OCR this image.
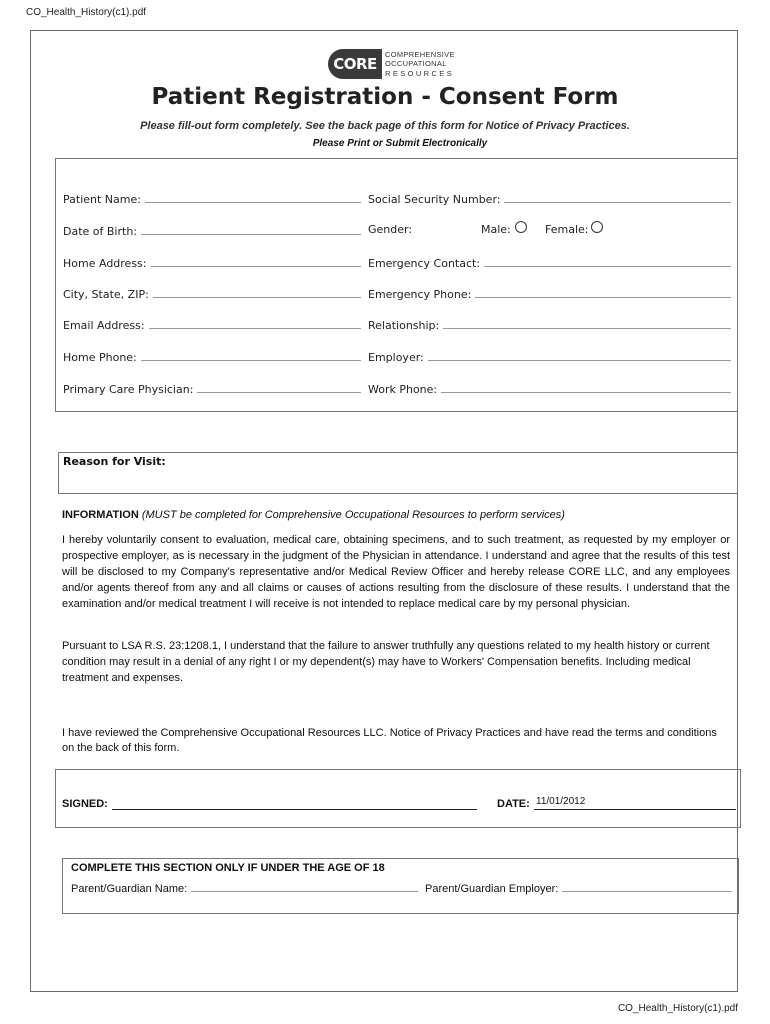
CO_Health_History(c1).pdf
CORE
COMPREHENSIVE
OCCUPATIONAL
RESOURCES
Patient Registration - Consent Form
Please fill-out form completely. See the back page of this form for Notice of Privacy Practices.
Please Print or Submit Electronically
Patient Name:	Social Security Number:
Date of Birth:	Gender:	Male:	Female:
Home Address:	Emergency Contact:
City, State, ZIP:	Emergency Phone:
Email Address:	Relationship:
Home Phone:	Employer:
Primary Care Physician:	Work Phone:
Reason for Visit:
INFORMATION (MUST be completed for Comprehensive Occupational Resources to perform services)

I hereby voluntarily consent to evaluation, medical care, obtaining specimens, and to such treatment, as requested by my employer or prospective employer, as is necessary in the judgment of the Physician in attendance. I understand and agree that the results of this test will be disclosed to my Company's representative and/or Medical Review Officer and hereby release CORE LLC, and any employees and/or agents thereof from any and all claims or causes of actions resulting from the disclosure of these results. I understand that the examination and/or medical treatment I will receive is not intended to replace medical care by my personal physician.

Pursuant to LSA R.S. 23:1208.1, I understand that the failure to answer truthfully any questions related to my health history or current condition may result in a denial of any right I or my dependent(s) may have to Workers' Compensation benefits. Including medical treatment and expenses.

I have reviewed the Comprehensive Occupational Resources LLC. Notice of Privacy Practices and have read the terms and conditions on the back of this form.

SIGNED:	DATE: 11/01/2012
COMPLETE THIS SECTION ONLY IF UNDER THE AGE OF 18
Parent/Guardian Name:	Parent/Guardian Employer:
CO_Health_History(c1).pdf
